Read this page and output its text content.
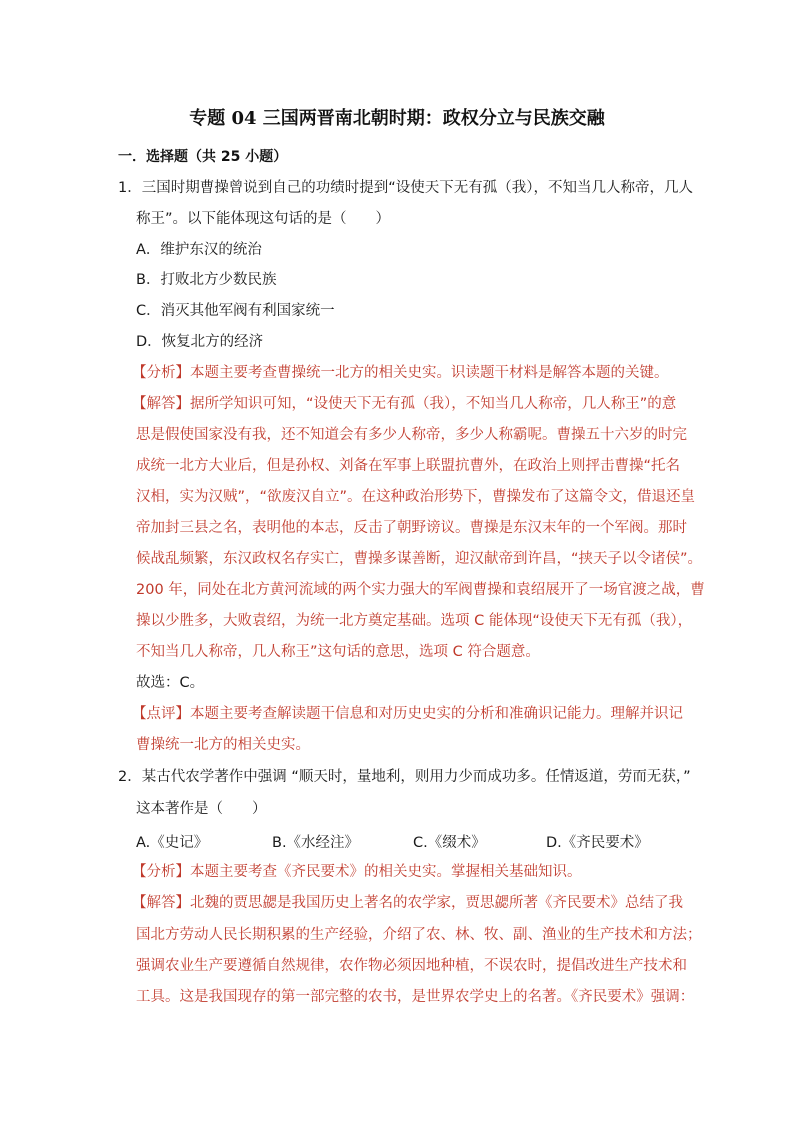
专题 04 三国两晋南北朝时期：政权分立与民族交融
一．选择题（共 25 小题）
1．三国时期曹操曾说到自己的功绩时提到“设使天下无有孤（我），不知当几人称帝，几人
称王”。以下能体现这句话的是（　　）
A．维护东汉的统治
B．打败北方少数民族
C．消灭其他军阀有利国家统一
D．恢复北方的经济
【分析】本题主要考查曹操统一北方的相关史实。识读题干材料是解答本题的关键。
【解答】据所学知识可知，“设使天下无有孤（我），不知当几人称帝，几人称王”的意
思是假使国家没有我，还不知道会有多少人称帝，多少人称霸呢。曹操五十六岁的时完
成统一北方大业后，但是孙权、刘备在军事上联盟抗曹外，在政治上则抨击曹操“托名
汉相，实为汉贼”，“欲废汉自立”。在这种政治形势下，曹操发布了这篇令文，借退还皇
帝加封三县之名，表明他的本志，反击了朝野谤议。曹操是东汉末年的一个军阀。那时
候战乱频繁，东汉政权名存实亡，曹操多谋善断，迎汉献帝到许昌，“挟天子以令诸侯”。
200 年，同处在北方黄河流域的两个实力强大的军阀曹操和袁绍展开了一场官渡之战，曹
操以少胜多，大败袁绍，为统一北方奠定基础。选项 C 能体现“设使天下无有孤（我），
不知当几人称帝，几人称王”这句话的意思，选项 C 符合题意。
故选：C。
【点评】本题主要考查解读题干信息和对历史史实的分析和准确识记能力。理解并识记
曹操统一北方的相关史实。
2．某古代农学著作中强调 “顺天时，量地利，则用力少而成功多。任情返道，劳而无获，”
这本著作是（　　）
A.《史记》	B.《水经注》	C.《缀术》	D.《齐民要术》
【分析】本题主要考查《齐民要术》的相关史实。掌握相关基础知识。
【解答】北魏的贾思勰是我国历史上著名的农学家，贾思勰所著《齐民要术》总结了我
国北方劳动人民长期积累的生产经验，介绍了农、林、牧、副、渔业的生产技术和方法；
强调农业生产要遵循自然规律，农作物必须因地种植，不误农时，提倡改进生产技术和
工具。这是我国现存的第一部完整的农书，是世界农学史上的名著。《齐民要术》强调：
